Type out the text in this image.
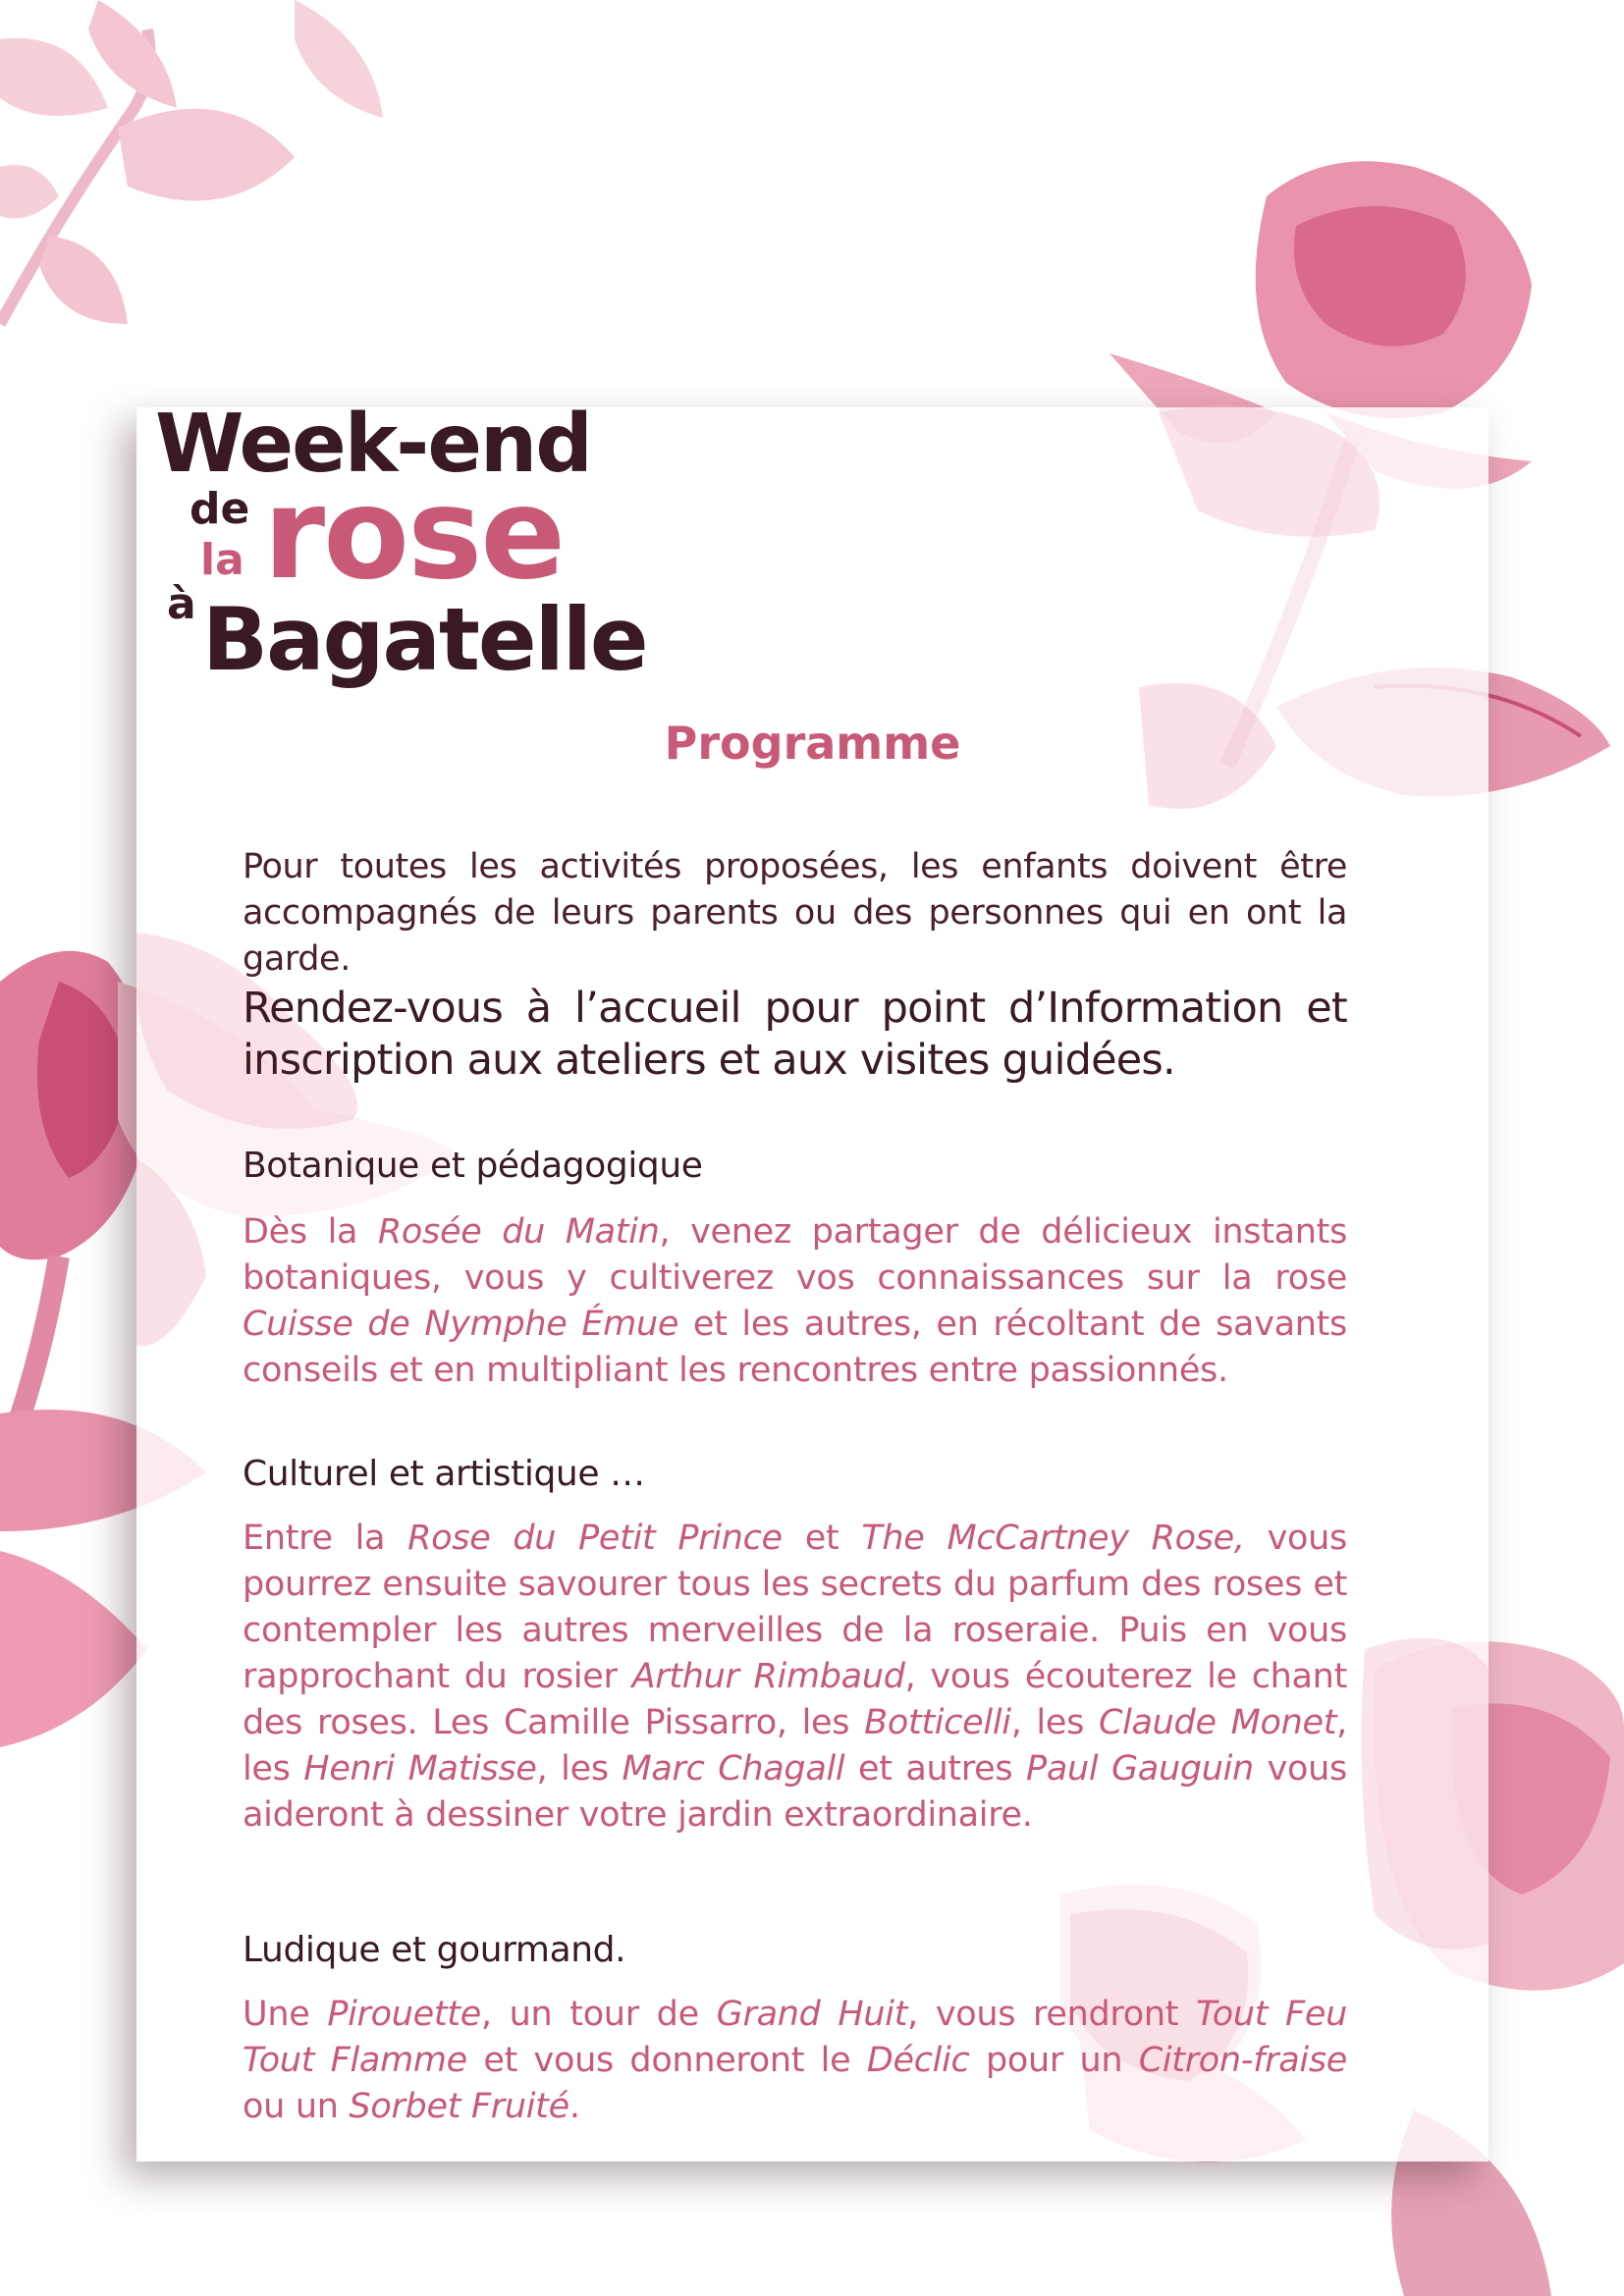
Week-end
de rose
la
à Bagatelle
Programme

Pour toutes les activités proposées, les enfants doivent être accompagnés de leurs parents ou des personnes qui en ont la garde.

Rendez-vous à l’accueil pour point d’Information et inscription aux ateliers et aux visites guidées.

Botanique et pédagogique

Dès la Rosée du Matin, venez partager de délicieux instants botaniques, vous y cultiverez vos connaissances sur la rose Cuisse de Nymphe Émue et les autres, en récoltant de savants conseils et en multipliant les rencontres entre passionnés.

Culturel et artistique …

Entre la Rose du Petit Prince et The McCartney Rose, vous pourrez ensuite savourer tous les secrets du parfum des roses et contempler les autres merveilles de la roseraie. Puis en vous rapprochant du rosier Arthur Rimbaud, vous écouterez le chant des roses. Les Camille Pissarro, les Botticelli, les Claude Monet, les Henri Matisse, les Marc Chagall et autres Paul Gauguin vous aideront à dessiner votre jardin extraordinaire.

Ludique et gourmand.

Une Pirouette, un tour de Grand Huit, vous rendront Tout Feu Tout Flamme et vous donneront le Déclic pour un Citron-fraise ou un Sorbet Fruité.
